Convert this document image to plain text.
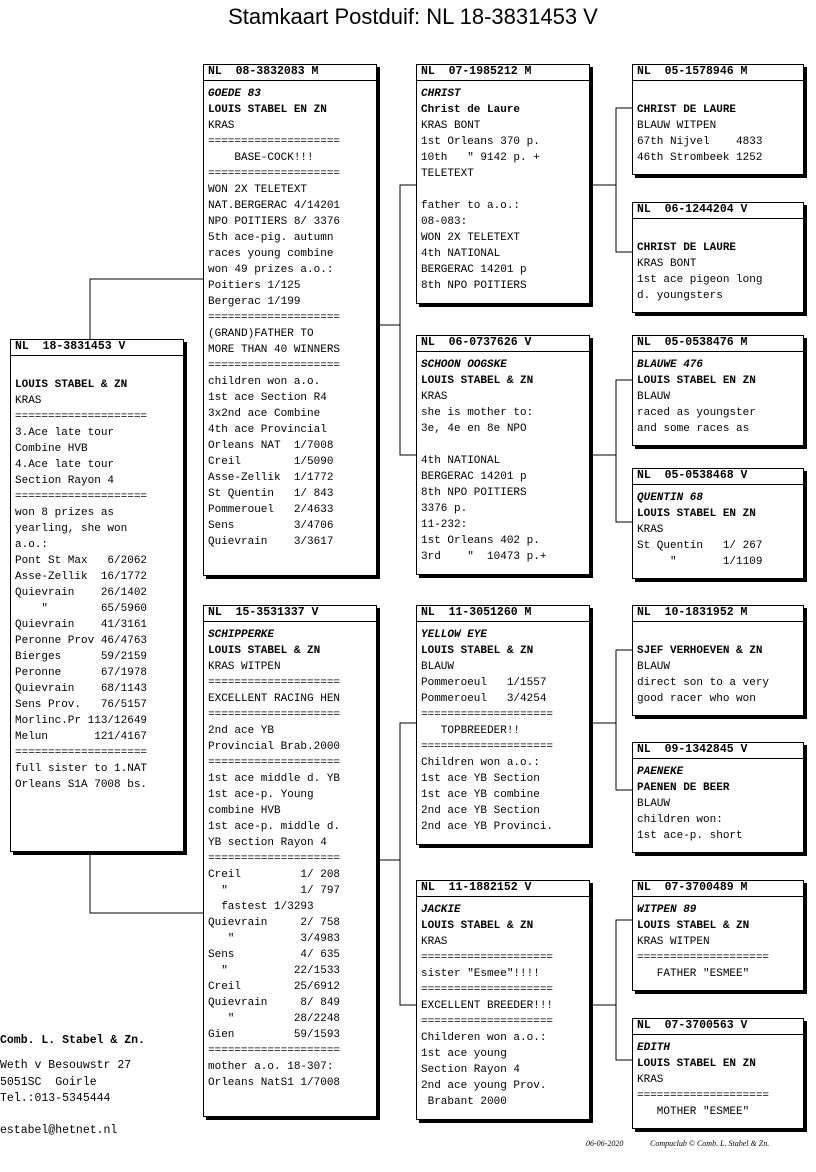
Stamkaart Postduif: NL 18-3831453 V
NL  18-3831453 V
LOUIS STABEL & ZN
KRAS
====================
3.Ace late tour
Combine HVB
4.Ace late tour
Section Rayon 4
====================
won 8 prizes as
yearling, she won
a.o.:
Pont St Max   6/2062
Asse-Zellik  16/1772
Quievrain    26/1402
"        65/5960
Quievrain    41/3161
Peronne Prov 46/4763
Bierges      59/2159
Peronne      67/1978
Quievrain    68/1143
Sens Prov.   76/5157
Morlinc.Pr 113/12649
Melun       121/4167
====================
full sister to 1.NAT
Orleans S1A 7008 bs.
NL  08-3832083 M
GOEDE 83
LOUIS STABEL EN ZN
KRAS
====================
BASE-COCK!!!
====================
WON 2X TELETEXT
NAT.BERGERAC 4/14201
NPO POITIERS 8/ 3376
5th ace-pig. autumn
races young combine
won 49 prizes a.o.:
Poitiers 1/125
Bergerac 1/199
====================
(GRAND)FATHER TO
MORE THAN 40 WINNERS
====================
children won a.o.
1st ace Section R4
3x2nd ace Combine
4th ace Provincial
Orleans NAT  1/7008
Creil        1/5090
Asse-Zellik  1/1772
St Quentin   1/ 843
Pommerouel   2/4633
Sens         3/4706
Quievrain    3/3617
NL  15-3531337 V
SCHIPPERKE
LOUIS STABEL & ZN
KRAS WITPEN
====================
EXCELLENT RACING HEN
====================
2nd ace YB
Provincial Brab.2000
====================
1st ace middle d. YB
1st ace-p. Young
combine HVB
1st ace-p. middle d.
YB section Rayon 4
====================
Creil         1/ 208
"           1/ 797
fastest 1/3293
Quievrain     2/ 758
"          3/4983
Sens          4/ 635
"          22/1533
Creil        25/6912
Quievrain     8/ 849
"         28/2248
Gien         59/1593
====================
mother a.o. 18-307:
Orleans NatS1 1/7008
NL  07-1985212 M
CHRIST
Christ de Laure
KRAS BONT
1st Orleans 370 p.
10th   " 9142 p. +
TELETEXT
father to a.o.:
08-083:
WON 2X TELETEXT
4th NATIONAL
BERGERAC 14201 p
8th NPO POITIERS
NL  06-0737626 V
SCHOON OOGSKE
LOUIS STABEL & ZN
KRAS
she is mother to:
3e, 4e en 8e NPO
4th NATIONAL
BERGERAC 14201 p
8th NPO POITIERS
3376 p.
11-232:
1st Orleans 402 p.
3rd    "  10473 p.+
NL  11-3051260 M
YELLOW EYE
LOUIS STABEL & ZN
BLAUW
Pommeroeul   1/1557
Pommeroeul   3/4254
====================
TOPBREEDER!!
====================
Children won a.o.:
1st ace YB Section
1st ace YB combine
2nd ace YB Section
2nd ace YB Provinci.
NL  11-1882152 V
JACKIE
LOUIS STABEL & ZN
KRAS
====================
sister "Esmee"!!!!
====================
EXCELLENT BREEDER!!!
====================
Childeren won a.o.:
1st ace young
Section Rayon 4
2nd ace young Prov.
Brabant 2000
NL  05-1578946 M
CHRIST DE LAURE
BLAUW WITPEN
67th Nijvel    4833
46th Strombeek 1252
NL  06-1244204 V
CHRIST DE LAURE
KRAS BONT
1st ace pigeon long
d. youngsters
NL  05-0538476 M
BLAUWE 476
LOUIS STABEL EN ZN
BLAUW
raced as youngster
and some races as
NL  05-0538468 V
QUENTIN 68
LOUIS STABEL EN ZN
KRAS
St Quentin   1/ 267
"       1/1109
NL  10-1831952 M
SJEF VERHOEVEN & ZN
BLAUW
direct son to a very
good racer who won
NL  09-1342845 V
PAENEKE
PAENEN DE BEER
BLAUW
children won:
1st ace-p. short
NL  07-3700489 M
WITPEN 89
LOUIS STABEL & ZN
KRAS WITPEN
====================
FATHER "ESMEE"
NL  07-3700563 V
EDITH
LOUIS STABEL EN ZN
KRAS
====================
MOTHER "ESMEE"
Comb. L. Stabel & Zn.
Weth v Besouwstr 27
5051SC  Goirle
Tel.:013-5345444
estabel@hetnet.nl
06-06-2020	Compuclub © Comb. L. Stabel & Zn.
